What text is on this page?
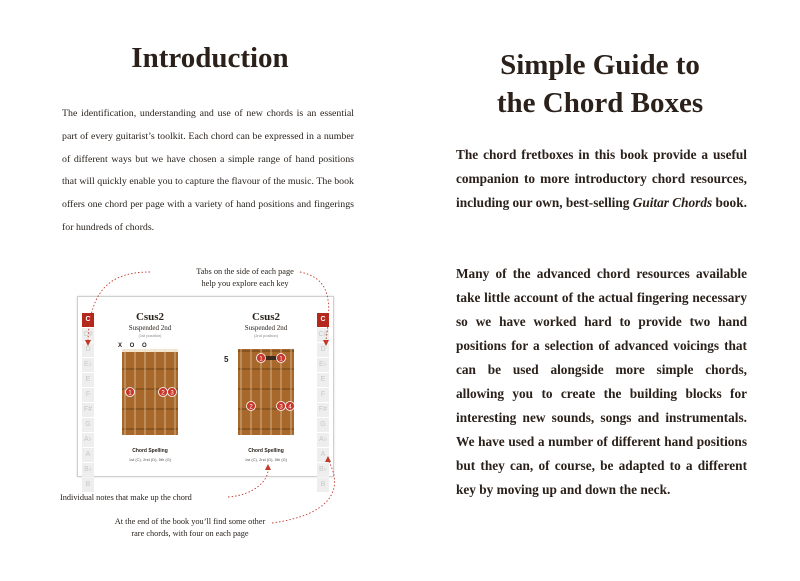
Introduction

The identification, understanding and use of new chords is an essential part of every guitarist’s toolkit. Each chord can be expressed in a number of different ways but we have chosen a simple range of hand positions that will quickly enable you to capture the flavour of the music. The book offers one chord per page with a variety of hand positions and fingerings for hundreds of chords.

Tabs on the side of each page

help you explore each key

C
C#
D
E♭
E
F
F#
G
A♭
A
B♭
B
C
C#
D
E♭
E
F
F#
G
A♭
A
B♭
B

Csus2

Suspended 2nd

(1st position)

X O O
1	2 3

Chord Spelling

1st (C), 2nd (D), 5th (G)

Csus2

Suspended 2nd

(2nd position)

5	1	1
2	3 4

Chord Spelling

1st (C), 2nd (D), 5th (G)

Individual notes that make up the chord

At the end of the book you’ll find some other

rare chords, with four on each page

Simple Guide to
the Chord Boxes

The chord fretboxes in this book provide a useful companion to more introductory chord resources, including our own, best-selling Guitar Chords book.

Many of the advanced chord resources available take little account of the actual fingering necessary so we have worked hard to provide two hand positions for a selection of advanced voicings that can be used alongside more simple chords, allowing you to create the building blocks for interesting new sounds, songs and instrumentals. We have used a number of different hand positions but they can, of course, be adapted to a different key by moving up and down the neck.
